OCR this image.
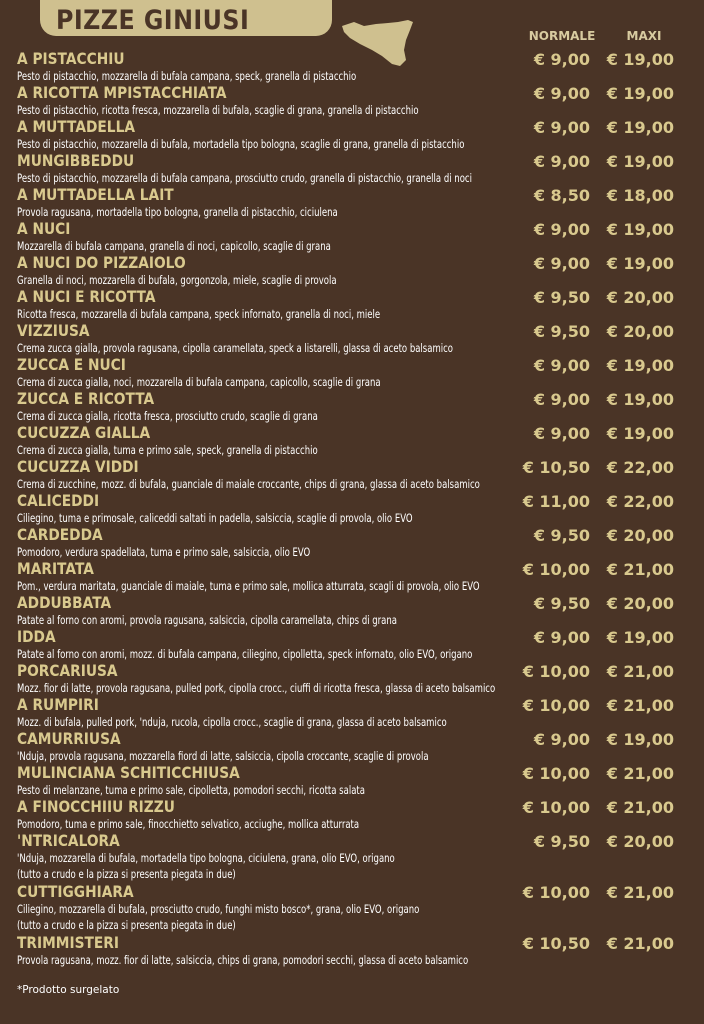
PIZZE GINIUSI	NORMALE	MAXI
A PISTACCHIU
Pesto di pistacchio, mozzarella di bufala campana, speck, granella di pistacchio
€ 9,00	€ 19,00
A RICOTTA MPISTACCHIATA
Pesto di pistacchio, ricotta fresca, mozzarella di bufala, scaglie di grana, granella di pistacchio
€ 9,00	€ 19,00
A MUTTADELLA
Pesto di pistacchio, mozzarella di bufala, mortadella tipo bologna, scaglie di grana, granella di pistacchio
€ 9,00	€ 19,00
MUNGIBBEDDU
Pesto di pistacchio, mozzarella di bufala campana, prosciutto crudo, granella di pistacchio, granella di noci
€ 9,00	€ 19,00
A MUTTADELLA LAIT
Provola ragusana, mortadella tipo bologna, granella di pistacchio, ciciulena
€ 8,50	€ 18,00
A NUCI
Mozzarella di bufala campana, granella di noci, capicollo, scaglie di grana
€ 9,00	€ 19,00
A NUCI DO PIZZAIOLO
Granella di noci, mozzarella di bufala, gorgonzola, miele, scaglie di provola
€ 9,00	€ 19,00
A NUCI E RICOTTA
Ricotta fresca, mozzarella di bufala campana, speck infornato, granella di noci, miele
€ 9,50	€ 20,00
VIZZIUSA
Crema zucca gialla, provola ragusana, cipolla caramellata, speck a listarelli, glassa di aceto balsamico
€ 9,50	€ 20,00
ZUCCA E NUCI
Crema di zucca gialla, noci, mozzarella di bufala campana, capicollo, scaglie di grana
€ 9,00	€ 19,00
ZUCCA E RICOTTA
Crema di zucca gialla, ricotta fresca, prosciutto crudo, scaglie di grana
€ 9,00	€ 19,00
CUCUZZA GIALLA
Crema di zucca gialla, tuma e primo sale, speck, granella di pistacchio
€ 9,00	€ 19,00
CUCUZZA VIDDI
Crema di zucchine, mozz. di bufala, guanciale di maiale croccante, chips di grana, glassa di aceto balsamico
€ 10,50	€ 22,00
CALICEDDI
Ciliegino, tuma e primosale, caliceddi saltati in padella, salsiccia, scaglie di provola, olio EVO
€ 11,00	€ 22,00
CARDEDDA
Pomodoro, verdura spadellata, tuma e primo sale, salsiccia, olio EVO
€ 9,50	€ 20,00
MARITATA
Pom., verdura maritata, guanciale di maiale, tuma e primo sale, mollica atturrata, scagli di provola, olio EVO
€ 10,00	€ 21,00
ADDUBBATA
Patate al forno con aromi, provola ragusana, salsiccia, cipolla caramellata, chips di grana
€ 9,50	€ 20,00
IDDA
Patate al forno con aromi, mozz. di bufala campana, ciliegino, cipolletta, speck infornato, olio EVO, origano
€ 9,00	€ 19,00
PORCARIUSA
Mozz. fior di latte, provola ragusana, pulled pork, cipolla crocc., ciuffi di ricotta fresca, glassa di aceto balsamico
€ 10,00	€ 21,00
A RUMPIRI
Mozz. di bufala, pulled pork, 'nduja, rucola, cipolla crocc., scaglie di grana, glassa di aceto balsamico
€ 10,00	€ 21,00
CAMURRIUSA
'Nduja, provola ragusana, mozzarella fiord di latte, salsiccia, cipolla croccante, scaglie di provola
€ 9,00	€ 19,00
MULINCIANA SCHITICCHIUSA
Pesto di melanzane, tuma e primo sale, cipolletta, pomodori secchi, ricotta salata
€ 10,00	€ 21,00
A FINOCCHIIU RIZZU
Pomodoro, tuma e primo sale, finocchietto selvatico, acciughe, mollica atturrata
€ 10,00	€ 21,00
'NTRICALORA
'Nduja, mozzarella di bufala, mortadella tipo bologna, ciciulena, grana, olio EVO, origano
€ 9,50	€ 20,00
(tutto a crudo e la pizza si presenta piegata in due)
CUTTIGGHIARA
Ciliegino, mozzarella di bufala, prosciutto crudo, funghi misto bosco*, grana, olio EVO, origano
€ 10,00	€ 21,00
(tutto a crudo e la pizza si presenta piegata in due)
TRIMMISTERI
Provola ragusana, mozz. fior di latte, salsiccia, chips di grana, pomodori secchi, glassa di aceto balsamico
€ 10,50	€ 21,00
*Prodotto surgelato
